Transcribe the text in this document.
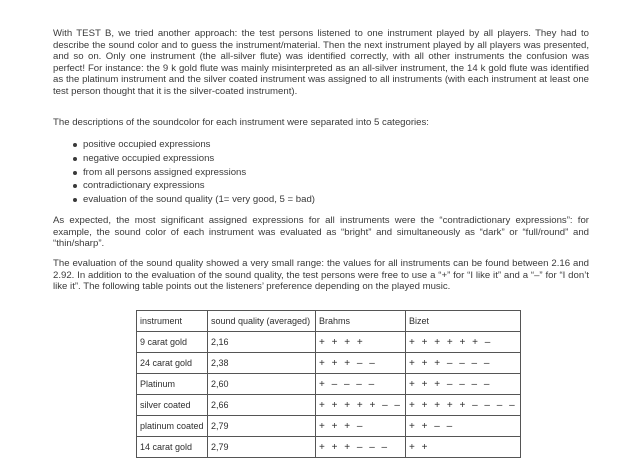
With TEST B, we tried another approach: the test persons listened to one instrument played by all players. They had to describe the sound color and to guess the instrument/material. Then the next instrument played by all players was presented, and so on. Only one instrument (the all-silver flute) was identified correctly, with all other instruments the confusion was perfect! For instance: the 9 k gold flute was mainly misinterpreted as an all-silver instrument, the 14 k gold flute was identified as the platinum instrument and the silver coated instrument was assigned to all instruments (with each instrument at least one test person thought that it is the silver-coated instrument).

The descriptions of the soundcolor for each instrument were separated into 5 categories:

positive occupied expressions
negative occupied expressions
from all persons assigned expressions
contradictionary expressions
evaluation of the sound quality (1= very good, 5 = bad)

As expected, the most significant assigned expressions for all instruments were the “contradictionary expressions”: for example, the sound color of each instrument was evaluated as “bright” and simultaneously as “dark” or “full/round” and “thin/sharp”.

The evaluation of the sound quality showed a very small range: the values for all instruments can be found between 2.16 and 2.92. In addition to the evaluation of the sound quality, the test persons were free to use a “+” for “I like it” and a “–” for “I don’t like it”. The following table points out the listeners’ preference depending on the played music.

instrument	sound quality (averaged)	Brahms	Bizet
9 carat gold	2,16	+ + + +	+ + + + + + –
24 carat gold	2,38	+ + + – –	+ + + – – – –
Platinum	2,60	+ – – – –	+ + + – – – –
silver coated	2,66	+ + + + + – –	+ + + + + – – – –
platinum coated	2,79	+ + + –	+ + – –
14 carat gold	2,79	+ + + – – –	+ +
